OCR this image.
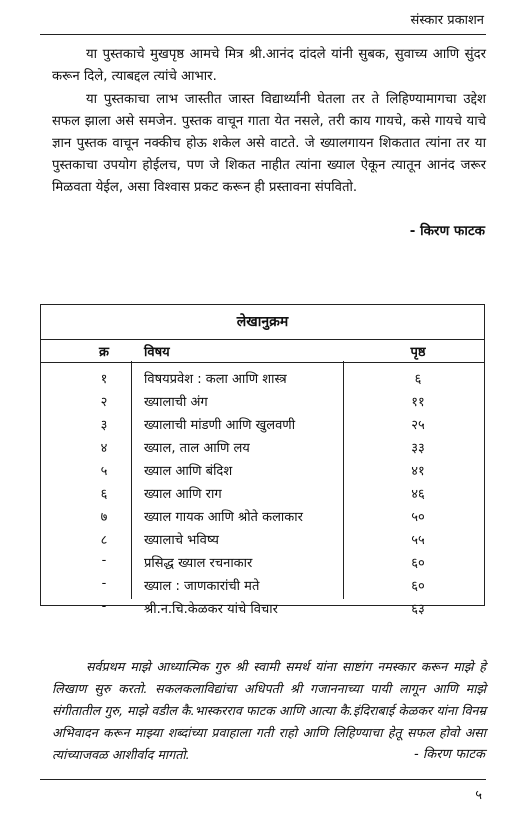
संस्कार प्रकाशन

या पुस्तकाचे मुखपृष्ठ आमचे मित्र श्री.आनंद दांदले यांनी सुबक, सुवाच्य आणि सुंदर करून दिले, त्याबद्दल त्यांचे आभार.

या पुस्तकाचा लाभ जास्तीत जास्त विद्यार्थ्यांनी घेतला तर ते लिहिण्यामागचा उद्देश सफल झाला असे समजेन. पुस्तक वाचून गाता येत नसले, तरी काय गायचे, कसे गायचे याचे ज्ञान पुस्तक वाचून नक्कीच होऊ शकेल असे वाटते. जे ख्यालगायन शिकतात त्यांना तर या पुस्तकाचा उपयोग होईलच, पण जे शिकत नाहीत त्यांना ख्याल ऐकून त्यातून आनंद जरूर मिळवता येईल, असा विश्वास प्रकट करून ही प्रस्तावना संपवितो.

- किरण फाटक
लेखानुक्रम
क्र	विषय	पृष्ठ
१	विषयप्रवेश : कला आणि शास्त्र	६
२	ख्यालाची अंग	११
३	ख्यालाची मांडणी आणि खुलवणी	२५
४	ख्याल, ताल आणि लय	३३
५	ख्याल आणि बंदिश	४१
६	ख्याल आणि राग	४६
७	ख्याल गायक आणि श्रोते कलाकार	५०
८	ख्यालाचे भविष्य	५५
-	प्रसिद्ध ख्याल रचनाकार	६०
-	ख्याल : जाणकारांची मते	६०
-	श्री.न.चि.केळकर यांचे विचार	६३

सर्वप्रथम माझे आध्यात्मिक गुरु श्री स्वामी समर्थ यांना साष्टांग नमस्कार करून माझे हे लिखाण सुरु करतो. सकलकलाविद्यांचा अधिपती श्री गजाननाच्या पायी लागून आणि माझे संगीतातील गुरु, माझे वडील कै.भास्करराव फाटक आणि आत्या कै.इंदिराबाई केळकर यांना विनम्र अभिवादन करून माझ्या शब्दांच्या प्रवाहाला गती राहो आणि लिहिण्याचा हेतू सफल होवो असा त्यांच्याजवळ आशीर्वाद मागतो.	- किरण फाटक
५
